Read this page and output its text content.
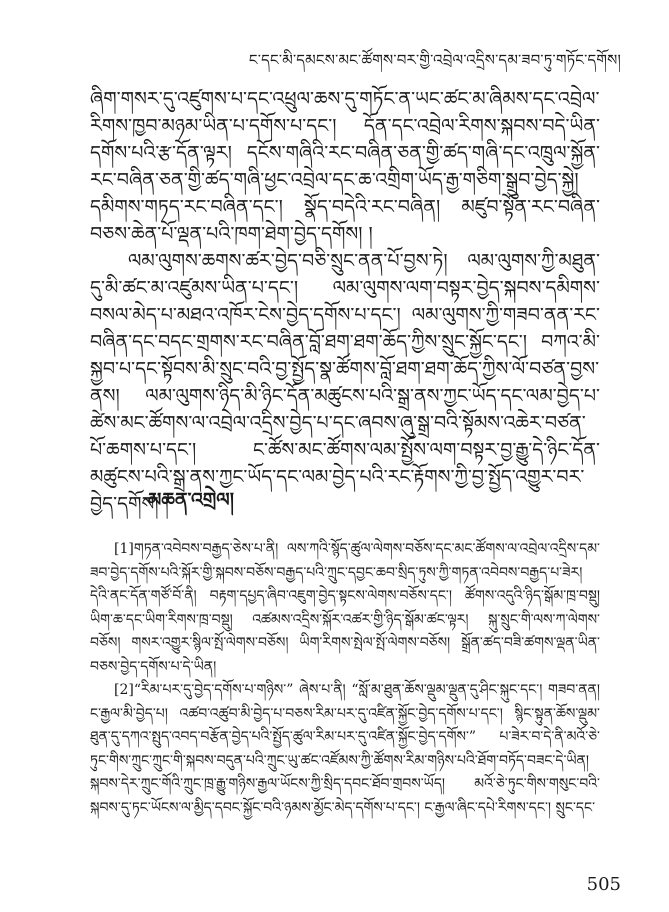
ང་དང་མི་དམངས་མང་ཚོགས་བར་གྱི་འབྲེལ་འདྲིས་དམ་ཟབ་ཏུ་གཏོང་དགོས།

ཞིག་གསར་དུ་འཛུགས་པ་དང་འཕྲུལ་ཆས་དུ་གཏོང་ན་ཡང་ཚང་མ་ཞིམས་དང་འབྲེལ་རིགས་ཁྱབ་མཉམ་ཡིན་པ་དགོས་པ་དང་། དོན་དང་འབྲེལ་རིགས་སྐབས་བདེ་ཡིན་དགོས་པའི་རྩ་དོན་ལྟར། དངོས་གཞིའི་རང་བཞིན་ཅན་གྱི་ཚད་གཞི་དང་འཁྲུལ་སྐྱོན་རང་བཞིན་ཅན་གྱི་ཚད་གཞི་ཕྱང་འབྲེལ་དང་ཆ་འགྲིག་ཡོད་རྒྱ་གཅིག་སྒྲུབ་བྱེད་སྐྱེ། དམིགས་གཏད་རང་བཞིན་དང་། སྣོད་བདེའི་རང་བཞིན། མཛུབ་སྟོན་རང་བཞིན་བཅས་ཆེན་པོ་ལྡན་པའི་ཁག་ཐེག་བྱེད་དགོས། །

ལམ་ལུགས་ཆགས་ཚར་བྱེད་བཅི་སྲུང་ནན་པོ་བྱས་ཏེ། ལམ་ལུགས་ཀྱི་མཐུན་དུ་མི་ཚང་མ་འཛུམས་ཡིན་པ་དང་། ལམ་ལུགས་ལག་བསྟར་བྱེད་སྐབས་དམིགས་བསལ་མེད་པ་མཐའ་འཁོར་ངེས་བྱེད་དགོས་པ་དང་། ལམ་ལུགས་ཀྱི་གཟབ་ནན་རང་བཞིན་དང་བདང་གྲགས་རང་བཞིན་བློ་ཐག་ཐག་ཆོད་ཀྱིས་སྲུང་སྐྱོང་དང་། བཀའ་མི་སྐྱབ་པ་དང་སྟོབས་མི་སྲུང་བའི་བྱ་སྤྱོད་སྣ་ཚོགས་བློ་ཐག་ཐག་ཆོད་ཀྱིས་ལོ་བཙན་བྱས་ནས། ལམ་ལུགས་ཉིད་མི་ཉིང་དོན་མཚུངས་པའི་སྒྲ་ནས་ཀྱང་ཡོད་དང་ལམ་བྱེད་པ་ཚེས་མང་ཚོགས་ལ་འབྲེལ་འདྲིས་བྱེད་པ་དང་ཞབས་ཞུ་སྒྲ་བའི་སྟོམས་འཆེར་བཙན་པོ་ཆགས་པ་དང་། ང་ཚོས་མང་ཚོགས་ལམ་སྤྱོས་ལག་བསྟར་བྱ་རྒྱུ་དེ་ཉིང་དོན་མཚུངས་པའི་སྒྲ་ནས་ཀྱང་ཡོད་དང་ལམ་བྱེད་པའི་རང་རྟོགས་ཀྱི་བྱ་སྤྱོད་འགྱུར་བར་བྱེད་དགོས། །

མཆན་འགྲེལ།

[1]གཏན་འབེབས་བརྒྱད་ཅེས་པ་ནི། ལས་ཀའི་སྙོད་ཚུལ་ལེགས་བཅོས་དང་མང་ཚོགས་ལ་འབྲེལ་འདྲིས་དམ་ཟབ་བྱེད་དགོས་པའི་སྐོར་གྱི་སྐབས་བཅོས་བརྒྱད་པའི་ཀྲུང་དབྱང་ཆབ་སྲིད་ཏུས་ཀྱི་གཏན་འབེབས་བརྒྱད་པ་ཟེར། དེའི་ནང་དོན་གཙོ་བོ་ནི། བརྟག་དཔྱད་ཞིབ་འཇུག་བྱེད་སྟངས་ལེགས་བཅོས་དང་། ཚོགས་འདུའི་ཉིད་སྒོམ་ཁྲ་བསྡུ། ཡིག་ཆ་དང་ཡིག་རིགས་ཁྲ་བསྡུ། འཚམས་འདྲིས་སྐོར་འཚར་གྱི་ཉིད་སྒོམ་ཚང་ལྟར། སྐུ་སྲུང་གི་ལས་ཀ་ལེགས་བཅོས། གསར་འགྱུར་སྙིལ་སྤོ་ལེགས་བཅོས། ཡིག་རིགས་སྤེལ་སྤོ་ལེགས་བཅོས། སྒྲོན་ཚད་བཟི་ཚགས་ལྡན་ཡིན་བཅས་བྱེད་དགོས་པ་དེ་ཡིན།

[2]“རིམ་པར་དུ་བྱེད་དགོས་པ་གཉིས་” ཞེས་པ་ནི། “སློ་མ་ཐུན་ཆོས་ལྡུམ་ལྡུན་དུ་ཤིང་སྐུང་དང་། གཟབ་ནན། ང་རྒྱལ་མི་བྱེད་པ། འཚབ་འཚུབ་མི་བྱེད་པ་བཅས་རིམ་པར་དུ་འཛིན་སྐྱོང་བྱེད་དགོས་པ་དང་། སྙིང་སྟུན་ཆོས་ལྡུམ་ཐུན་དུ་དཀའ་སྤུད་འབད་བརྩོན་བྱེད་པའི་སྤྱོད་ཚུལ་རིམ་པར་དུ་འཛིན་སྐྱོང་བྱེད་དགོས་” པ་ཟེར་བ་དེ་ནི་མའོ་ཅེ་ཏུང་གིས་ཀྲུང་ཀྲུང་གི་སྐབས་བདུན་པའི་ཀྲུང་ཡུ་ཚང་འཛོམས་ཀྱི་ཚོགས་རིམ་གཉིས་པའི་ཐོག་བཏོད་བཟང་དེ་ཡིན། སྐབས་དེར་ཀྲུང་གོའི་ཀྲུང་ཁྲ་རྒྱུ་གཉིས་རྒྱལ་ཡོངས་ཀྱི་སྲིད་དབང་ཐོབ་གྲབས་ཡོད། མའོ་ཅེ་ཏུང་གིས་གསུང་བའི་སྐབས་དུ་ཏང་ཡོངས་ལ་མྱིད་དབང་སྐྱོང་བའི་ཉམས་མྱོང་མེད་དགོས་པ་དང་། ང་རྒྱལ་ཞིང་དཔེ་རིགས་དང་། སྲུང་དང་

505
